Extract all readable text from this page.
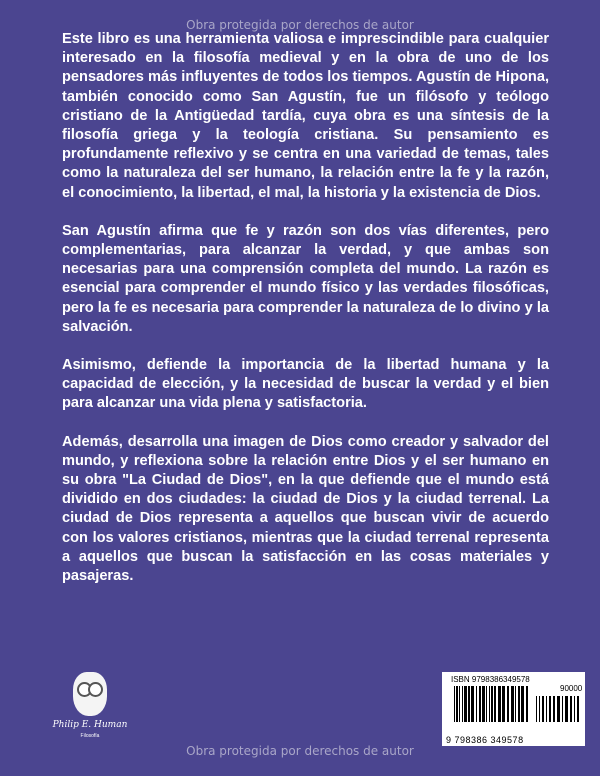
Obra protegida por derechos de autor

Este libro es una herramienta valiosa e imprescindible para cualquier interesado en la filosofía medieval y en la obra de uno de los pensadores más influyentes de todos los tiempos. Agustín de Hipona, también conocido como San Agustín, fue un filósofo y teólogo cristiano de la Antigüedad tardía, cuya obra es una síntesis de la filosofía griega y la teología cristiana. Su pensamiento es profundamente reflexivo y se centra en una variedad de temas, tales como la naturaleza del ser humano, la relación entre la fe y la razón, el conocimiento, la libertad, el mal, la historia y la existencia de Dios.

San Agustín afirma que fe y razón son dos vías diferentes, pero complementarias, para alcanzar la verdad, y que ambas son necesarias para una comprensión completa del mundo. La razón es esencial para comprender el mundo físico y las verdades filosóficas, pero la fe es necesaria para comprender la naturaleza de lo divino y la salvación.

Asimismo, defiende la importancia de la libertad humana y la capacidad de elección, y la necesidad de buscar la verdad y el bien para alcanzar una vida plena y satisfactoria.

Además, desarrolla una imagen de Dios como creador y salvador del mundo, y reflexiona sobre la relación entre Dios y el ser humano en su obra "La Ciudad de Dios", en la que defiende que el mundo está dividido en dos ciudades: la ciudad de Dios y la ciudad terrenal. La ciudad de Dios representa a aquellos que buscan vivir de acuerdo con los valores cristianos, mientras que la ciudad terrenal representa a aquellos que buscan la satisfacción en las cosas materiales y pasajeras.

Philip E. Human
Filosofía
ISBN 9798386349578
90000
9 798386 349578
Obra protegida por derechos de autor
